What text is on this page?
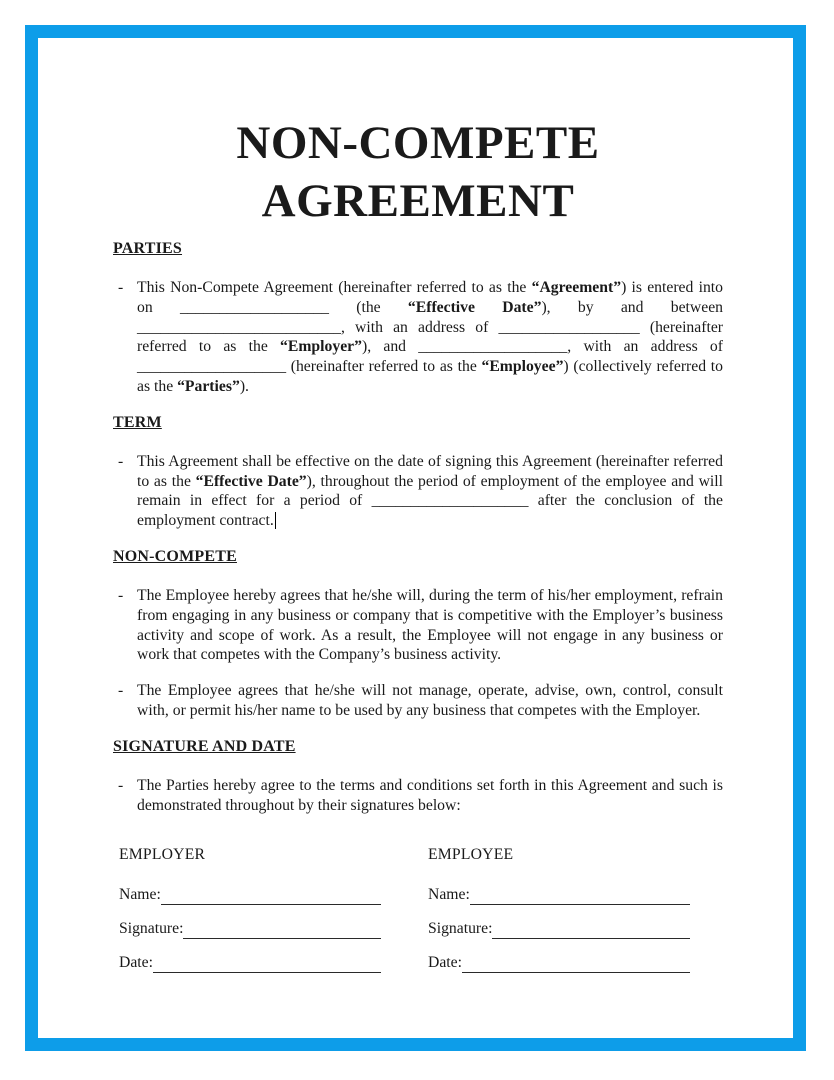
NON-COMPETE
AGREEMENT
PARTIES
- This Non-Compete Agreement (hereinafter referred to as the “Agreement”) is entered into on ___________________ (the “Effective Date”), by and between __________________________, with an address of __________________ (hereinafter referred to as the “Employer”), and ___________________, with an address of ___________________ (hereinafter referred to as the “Employee”) (collectively referred to as the “Parties”).
TERM
- This Agreement shall be effective on the date of signing this Agreement (hereinafter referred to as the “Effective Date”), throughout the period of employment of the employee and will remain in effect for a period of ____________________ after the conclusion of the employment contract.
NON-COMPETE
- The Employee hereby agrees that he/she will, during the term of his/her employment, refrain from engaging in any business or company that is competitive with the Employer’s business activity and scope of work. As a result, the Employee will not engage in any business or work that competes with the Company’s business activity.
- The Employee agrees that he/she will not manage, operate, advise, own, control, consult with, or permit his/her name to be used by any business that competes with the Employer.
SIGNATURE AND DATE
- The Parties hereby agree to the terms and conditions set forth in this Agreement and such is demonstrated throughout by their signatures below:
EMPLOYER
Name:
Signature:
Date:
EMPLOYEE
Name:
Signature:
Date:
